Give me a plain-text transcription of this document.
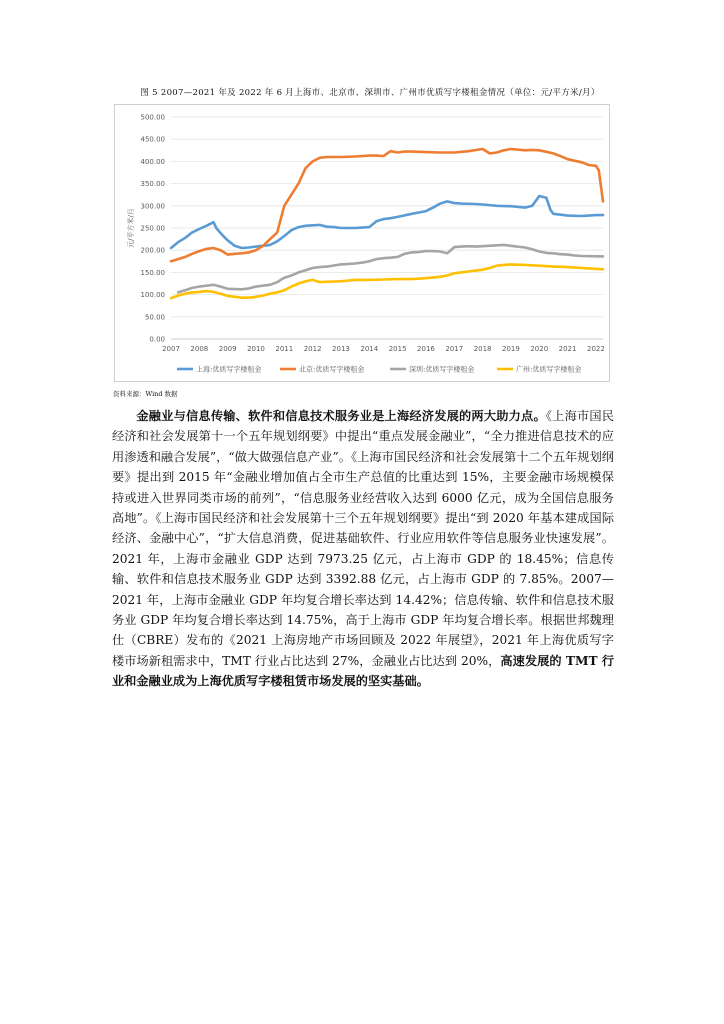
图 5 2007—2021 年及 2022 年 6 月上海市、北京市、深圳市、广州市优质写字楼租金情况（单位：元/平方米/月）
0.00
50.00
100.00
150.00
200.00
250.00
300.00
350.00
400.00
450.00
500.00
2007 2008 2009 2010 2011 2012 2013 2014 2015 2016 2017 2018 2019 2020 2021 2022
元/平方米/月
上海:优质写字楼租金	北京:优质写字楼租金	深圳:优质写字楼租金	广州:优质写字楼租金
资料来源：Wind 数据
金融业与信息传输、软件和信息技术服务业是上海经济发展的两大助力点。《上海市国民经济和社会发展第十一个五年规划纲要》中提出“重点发展金融业”，“全力推进信息技术的应用渗透和融合发展”，“做大做强信息产业”。《上海市国民经济和社会发展第十二个五年规划纲要》提出到 2015 年“金融业增加值占全市生产总值的比重达到 15%，主要金融市场规模保持或进入世界同类市场的前列”，“信息服务业经营收入达到 6000 亿元，成为全国信息服务高地”。《上海市国民经济和社会发展第十三个五年规划纲要》提出“到 2020 年基本建成国际经济、金融中心”，“扩大信息消费，促进基础软件、行业应用软件等信息服务业快速发展”。2021 年，上海市金融业 GDP 达到 7973.25 亿元，占上海市 GDP 的 18.45%；信息传输、软件和信息技术服务业 GDP 达到 3392.88 亿元，占上海市 GDP 的 7.85%。2007—2021 年，上海市金融业 GDP 年均复合增长率达到 14.42%；信息传输、软件和信息技术服务业 GDP 年均复合增长率达到 14.75%，高于上海市 GDP 年均复合增长率。根据世邦魏理仕（CBRE）发布的《2021 上海房地产市场回顾及 2022 年展望》，2021 年上海优质写字楼市场新租需求中，TMT 行业占比达到 27%，金融业占比达到 20%，高速发展的 TMT 行业和金融业成为上海优质写字楼租赁市场发展的坚实基础。
